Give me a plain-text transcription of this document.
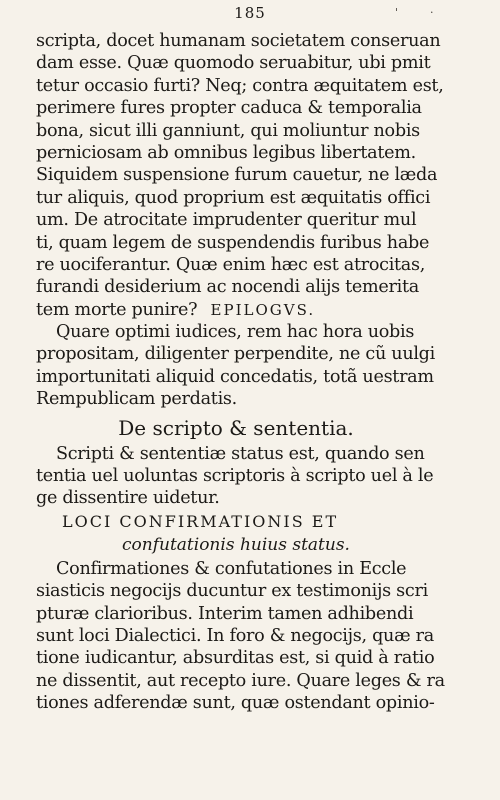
185	'	·
scripta, docet humanam societatem conseruan
dam esse. Quæ quomodo seruabitur, ubi pmit
tetur occasio furti? Neq; contra æquitatem est,
perimere fures propter caduca & temporalia
bona, sicut illi ganniunt, qui moliuntur nobis
perniciosam ab omnibus legibus libertatem.
Siquidem suspensione furum cauetur, ne læda
tur aliquis, quod proprium est æquitatis offici
um. De atrocitate imprudenter queritur mul
ti, quam legem de suspendendis furibus habe
re uociferantur. Quæ enim hæc est atrocitas,
furandi desiderium ac nocendi alijs temerita
tem morte punire? EPILOGVS.
Quare optimi iudices, rem hac hora uobis
propositam, diligenter perpendite, ne cũ uulgi
importunitati aliquid concedatis, totã uestram
Rempublicam perdatis.
De scripto & sententia.
Scripti & sententiæ status est, quando sen
tentia uel uoluntas scriptoris à scripto uel à le
ge dissentire uidetur.
LOCI CONFIRMATIONIS ET
confutationis huius status.
Confirmationes & confutationes in Eccle
siasticis negocijs ducuntur ex testimonijs scri
pturæ clarioribus. Interim tamen adhibendi
sunt loci Dialectici. In foro & negocijs, quæ ra
tione iudicantur, absurditas est, si quid à ratio
ne dissentit, aut recepto iure. Quare leges & ra
tiones adferendæ sunt, quæ ostendant opinio-
